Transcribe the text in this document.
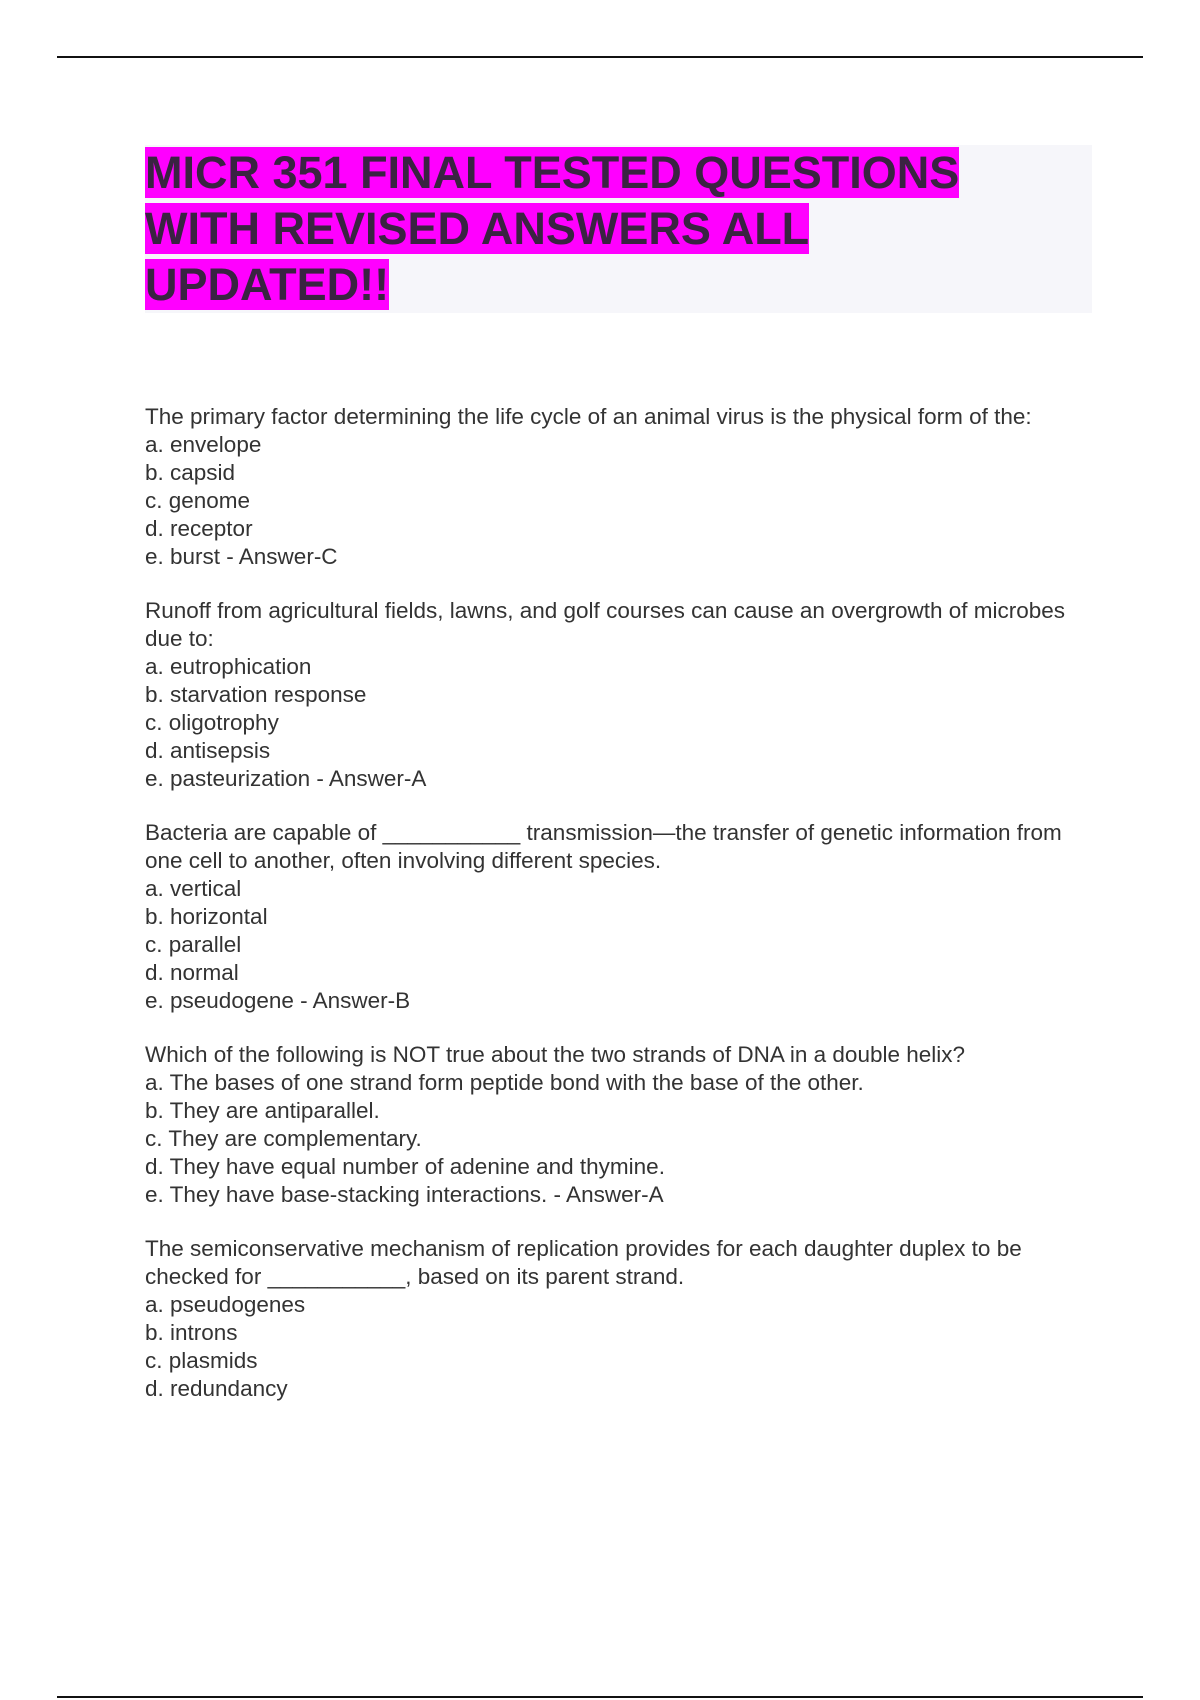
MICR 351 FINAL TESTED QUESTIONS WITH REVISED ANSWERS ALL UPDATED!!
The primary factor determining the life cycle of an animal virus is the physical form of the:
a. envelope
b. capsid
c. genome
d. receptor
e. burst - Answer-C
Runoff from agricultural fields, lawns, and golf courses can cause an overgrowth of microbes due to:
a. eutrophication
b. starvation response
c. oligotrophy
d. antisepsis
e. pasteurization - Answer-A
Bacteria are capable of ___________ transmission—the transfer of genetic information from one cell to another, often involving different species.
a. vertical
b. horizontal
c. parallel
d. normal
e. pseudogene - Answer-B
Which of the following is NOT true about the two strands of DNA in a double helix?
a. The bases of one strand form peptide bond with the base of the other.
b. They are antiparallel.
c. They are complementary.
d. They have equal number of adenine and thymine.
e. They have base-stacking interactions. - Answer-A
The semiconservative mechanism of replication provides for each daughter duplex to be checked for ___________, based on its parent strand.
a. pseudogenes
b. introns
c. plasmids
d. redundancy
